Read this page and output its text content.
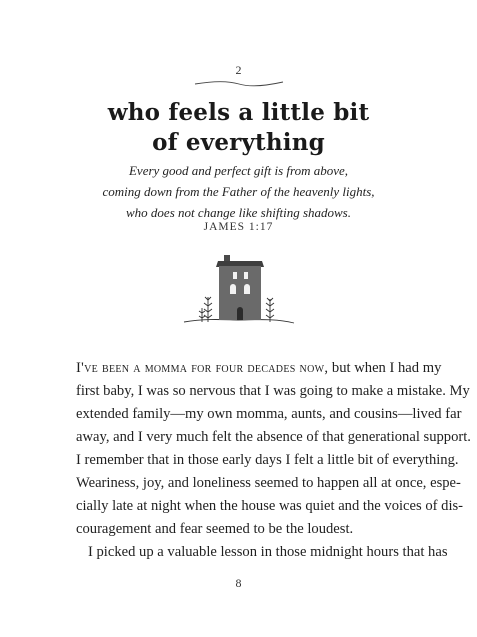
2
who feels a little bit
of everything
Every good and perfect gift is from above,
coming down from the Father of the heavenly lights,
who does not change like shifting shadows.
JAMES 1:17
I've been a momma for four decades now, but when I had my
first baby, I was so nervous that I was going to make a mistake. My
extended family—my own momma, aunts, and cousins—lived far
away, and I very much felt the absence of that generational support.
I remember that in those early days I felt a little bit of everything.
Weariness, joy, and loneliness seemed to happen all at once, espe-
cially late at night when the house was quiet and the voices of dis-
couragement and fear seemed to be the loudest.
I picked up a valuable lesson in those midnight hours that has
8
